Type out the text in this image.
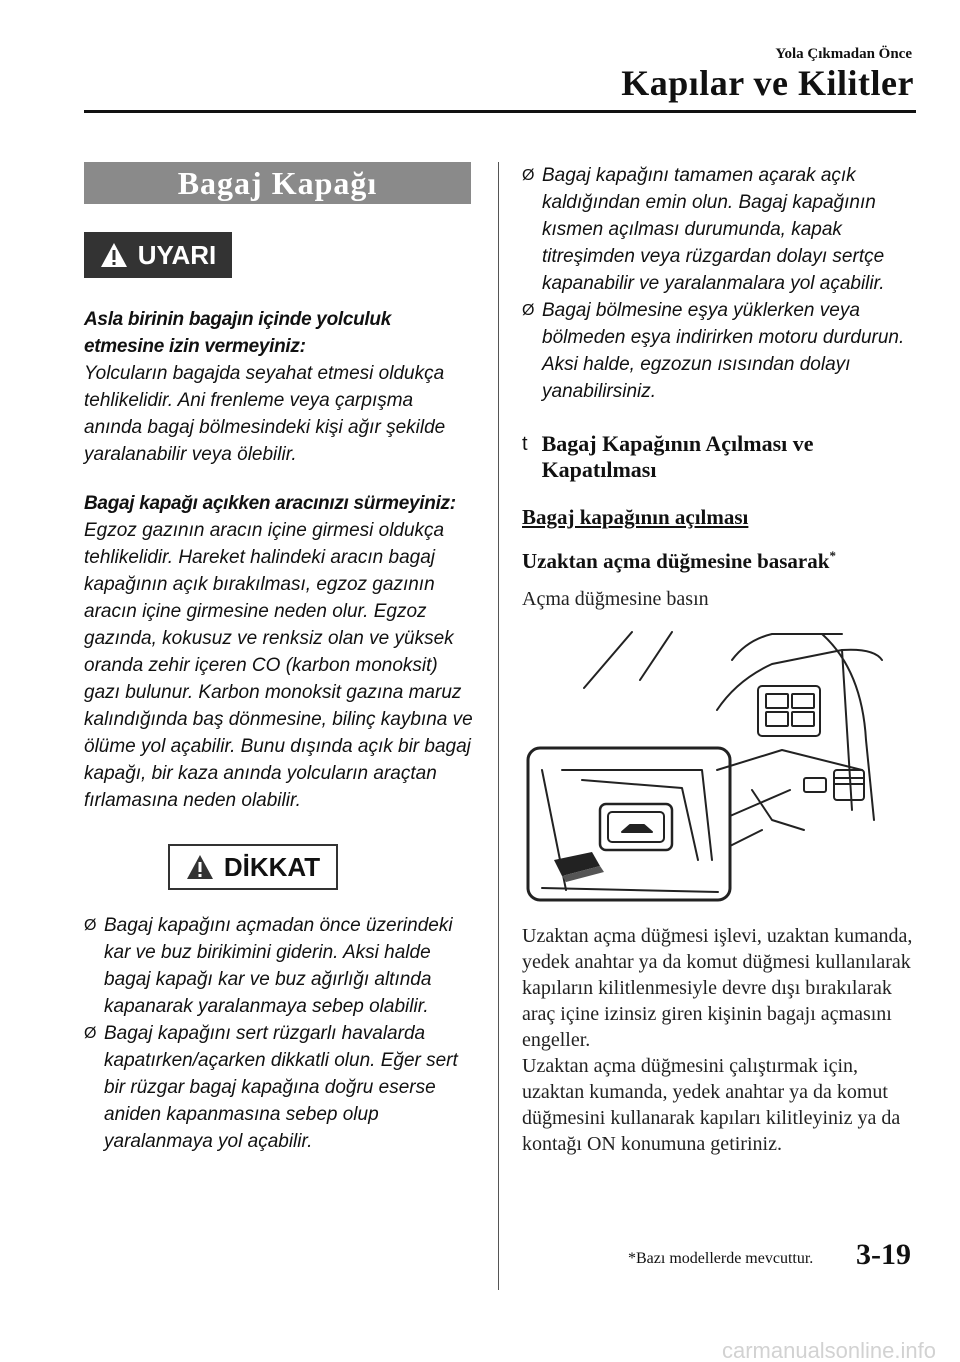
Yola Çıkmadan Önce
Kapılar ve Kilitler
Bagaj Kapağı
UYARI
Asla birinin bagajın içinde yolculuk etmesine izin vermeyiniz:
Yolcuların bagajda seyahat etmesi oldukça tehlikelidir. Ani frenleme veya çarpışma anında bagaj bölmesindeki kişi ağır şekilde yaralanabilir veya ölebilir.
Bagaj kapağı açıkken aracınızı sürmeyiniz:
Egzoz gazının aracın içine girmesi oldukça tehlikelidir. Hareket halindeki aracın bagaj kapağının açık bırakılması, egzoz gazının aracın içine girmesine neden olur. Egzoz gazında, kokusuz ve renksiz olan ve yüksek oranda zehir içeren CO (karbon monoksit) gazı bulunur. Karbon monoksit gazına maruz kalındığında baş dönmesine, bilinç kaybına ve ölüme yol açabilir. Bunu dışında açık bir bagaj kapağı, bir kaza anında yolcuların araçtan fırlamasına neden olabilir.
DİKKAT
Ø Bagaj kapağını açmadan önce üzerindeki kar ve buz birikimini giderin. Aksi halde bagaj kapağı kar ve buz ağırlığı altında kapanarak yaralanmaya sebep olabilir.
Ø Bagaj kapağını sert rüzgarlı havalarda kapatırken/açarken dikkatli olun. Eğer sert bir rüzgar bagaj kapağına doğru eserse aniden kapanmasına sebep olup yaralanmaya yol açabilir.
Ø Bagaj kapağını tamamen açarak açık kaldığından emin olun. Bagaj kapağının kısmen açılması durumunda, kapak titreşimden veya rüzgardan dolayı sertçe kapanabilir ve yaralanmalara yol açabilir.
Ø Bagaj bölmesine eşya yüklerken veya bölmeden eşya indirirken motoru durdurun. Aksi halde, egzozun ısısından dolayı yanabilirsiniz.
t Bagaj Kapağının Açılması ve
Kapatılması
Bagaj kapağının açılması
Uzaktan açma düğmesine basarak*
Açma düğmesine basın
Uzaktan açma düğmesi işlevi, uzaktan kumanda, yedek anahtar ya da komut düğmesi kullanılarak kapıların kilitlenmesiyle devre dışı bırakılarak araç içine izinsiz giren kişinin bagajı açmasını engeller.
Uzaktan açma düğmesini çalıştırmak için, uzaktan kumanda, yedek anahtar ya da komut düğmesini kullanarak kapıları kilitleyiniz ya da kontağı ON konumuna getiriniz.
*Bazı modellerde mevcuttur. 3-19
carmanualsonline.info
